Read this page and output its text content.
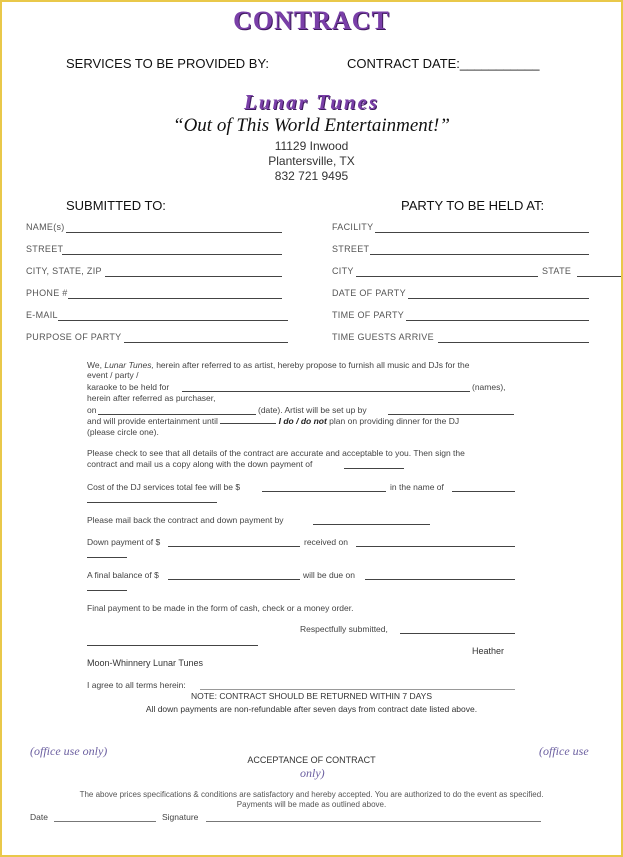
CONTRACT
SERVICES TO BE PROVIDED BY:	CONTRACT DATE:___________
Lunar Tunes
“Out of This World Entertainment!”
11129 Inwood
Plantersville, TX
832 721 9495
SUBMITTED TO:	PARTY TO BE HELD AT:
NAME(s)
STREET
CITY, STATE, ZIP
PHONE #
E-MAIL
PURPOSE OF PARTY
FACILITY
STREET
CITY	STATE
DATE OF PARTY
TIME OF PARTY
TIME GUESTS ARRIVE
We, Lunar Tunes, herein after referred to as artist, hereby propose to furnish all music and DJs for the
event / party /
karaoke to be held for	(names),
herein after referred as purchaser,
on	(date). Artist will be set up by
and will provide entertainment until	I do / do not plan on providing dinner for the DJ
(please circle one).
Please check to see that all details of the contract are accurate and acceptable to you. Then sign the
contract and mail us a copy along with the down payment of
Cost of the DJ services total fee will be $	in the name of
Please mail back the contract and down payment by
Down payment of $	received on
A final balance of $	will be due on
Final payment to be made in the form of cash, check or a money order.
Respectfully submitted,
Heather
Moon-Whinnery Lunar Tunes
I agree to all terms herein:
NOTE: CONTRACT SHOULD BE RETURNED WITHIN 7 DAYS
All down payments are non-refundable after seven days from contract date listed above.
(office use only)	(office use
ACCEPTANCE OF CONTRACT
only)
The above prices specifications & conditions are satisfactory and hereby accepted. You are authorized to do the event as specified.
Payments will be made as outlined above.
Date	Signature
